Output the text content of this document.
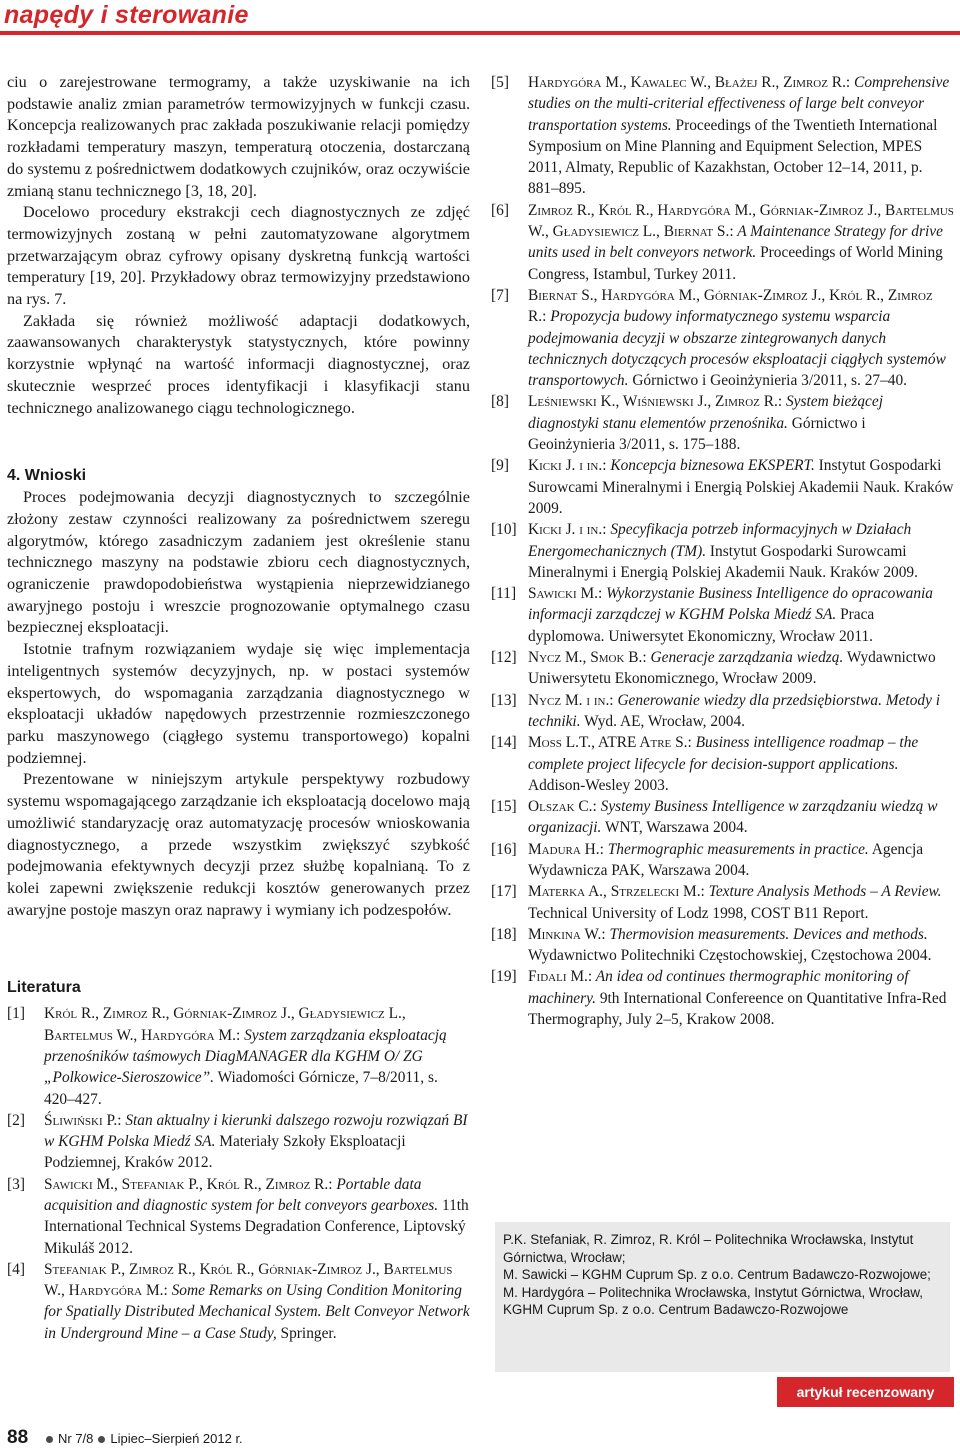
napędy i sterowanie

ciu o zarejestrowane termogramy, a także uzyskiwanie na ich podstawie analiz zmian parametrów termowizyjnych w funkcji czasu. Koncepcja realizowanych prac zakłada poszukiwanie relacji pomiędzy rozkładami temperatury maszyn, temperaturą otoczenia, dostarczaną do systemu z pośrednictwem dodatkowych czujników, oraz oczywiście zmianą stanu technicznego [3, 18, 20].

Docelowo procedury ekstrakcji cech diagnostycznych ze zdjęć termowizyjnych zostaną w pełni zautomatyzowane algorytmem przetwarzającym obraz cyfrowy opisany dyskretną funkcją wartości temperatury [19, 20]. Przykładowy obraz termowizyjny przedstawiono na rys. 7.

Zakłada się również możliwość adaptacji dodatkowych, zaawansowanych charakterystyk statystycznych, które powinny korzystnie wpłynąć na wartość informacji diagnostycznej, oraz skutecznie wesprzeć proces identyfikacji i klasyfikacji stanu technicznego analizowanego ciągu technologicznego.

4. Wnioski

Proces podejmowania decyzji diagnostycznych to szczególnie złożony zestaw czynności realizowany za pośrednictwem szeregu algorytmów, którego zasadniczym zadaniem jest określenie stanu technicznego maszyny na podstawie zbioru cech diagnostycznych, ograniczenie prawdopodobieństwa wystąpienia nieprzewidzianego awaryjnego postoju i wreszcie prognozowanie optymalnego czasu bezpiecznej eksploatacji.

Istotnie trafnym rozwiązaniem wydaje się więc implementacja inteligentnych systemów decyzyjnych, np. w postaci systemów ekspertowych, do wspomagania zarządzania diagnostycznego w eksploatacji układów napędowych przestrzennie rozmieszczonego parku maszynowego (ciągłego systemu transportowego) kopalni podziemnej.

Prezentowane w niniejszym artykule perspektywy rozbudowy systemu wspomagającego zarządzanie ich eksploatacją docelowo mają umożliwić standaryzację oraz automatyzację procesów wnioskowania diagnostycznego, a przede wszystkim zwiększyć szybkość podejmowania efektywnych decyzji przez służbę kopalnianą. To z kolei zapewni zwiększenie redukcji kosztów generowanych przez awaryjne postoje maszyn oraz naprawy i wymiany ich podzespołów.

Literatura

[1]	Król R., Zimroz R., Górniak-Zimroz J., Gładysiewicz L., Bartelmus W., Hardygóra M.: System zarządzania eksploatacją przenośników taśmowych DiagMANAGER dla KGHM O/ ZG „Polkowice-Sieroszowice”. Wiadomości Górnicze, 7–8/2011, s. 420–427.

[2]	Śliwiński P.: Stan aktualny i kierunki dalszego rozwoju rozwiązań BI w KGHM Polska Miedź SA. Materiały Szkoły Eksploatacji Podziemnej, Kraków 2012.

[3]	Sawicki M., Stefaniak P., Król R., Zimroz R.: Portable data acquisition and diagnostic system for belt conveyors gearboxes. 11th International Technical Systems Degradation Conference, Liptovský Mikuláš 2012.

[4]	Stefaniak P., Zimroz R., Król R., Górniak-Zimroz J., Bartelmus W., Hardygóra M.: Some Remarks on Using Condition Monitoring for Spatially Distributed Mechanical System. Belt Conveyor Network in Underground Mine – a Case Study, Springer.

[5]	Hardygóra M., Kawalec W., Błażej R., Zimroz R.: Comprehensive studies on the multi-criterial effectiveness of large belt conveyor transportation systems. Proceedings of the Twentieth International Symposium on Mine Planning and Equipment Selection, MPES 2011, Almaty, Republic of Kazakhstan, October 12–14, 2011, p. 881–895.

[6]	Zimroz R., Król R., Hardygóra M., Górniak-Zimroz J., Bartelmus W., Gładysiewicz L., Biernat S.: A Maintenance Strategy for drive units used in belt conveyors network. Proceedings of World Mining Congress, Istambul, Turkey 2011.

[7]	Biernat S., Hardygóra M., Górniak-Zimroz J., Król R., Zimroz R.: Propozycja budowy informatycznego systemu wsparcia podejmowania decyzji w obszarze zintegrowanych danych technicznych dotyczących procesów eksploatacji ciągłych systemów transportowych. Górnictwo i Geoinżynieria 3/2011, s. 27–40.

[8]	Leśniewski K., Wiśniewski J., Zimroz R.: System bieżącej diagnostyki stanu elementów przenośnika. Górnictwo i Geoinżynieria 3/2011, s. 175–188.

[9]	Kicki J. i in.: Koncepcja biznesowa EKSPERT. Instytut Gospodarki Surowcami Mineralnymi i Energią Polskiej Akademii Nauk. Kraków 2009.

[10] Kicki J. i in.: Specyfikacja potrzeb informacyjnych w Działach Energomechanicznych (TM). Instytut Gospodarki Surowcami Mineralnymi i Energią Polskiej Akademii Nauk. Kraków 2009.

[11] Sawicki M.: Wykorzystanie Business Intelligence do opracowania informacji zarządczej w KGHM Polska Miedź SA. Praca dyplomowa. Uniwersytet Ekonomiczny, Wrocław 2011.

[12] Nycz M., Smok B.: Generacje zarządzania wiedzą. Wydawnictwo Uniwersytetu Ekonomicznego, Wrocław 2009.

[13] Nycz M. i in.: Generowanie wiedzy dla przedsiębiorstwa. Metody i techniki. Wyd. AE, Wrocław, 2004.

[14] Moss L.T., ATRE Atre S.: Business intelligence roadmap – the complete project lifecycle for decision-support applications. Addison-Wesley 2003.

[15] Olszak C.: Systemy Business Intelligence w zarządzaniu wiedzą w organizacji. WNT, Warszawa 2004.

[16] Madura H.: Thermographic measurements in practice. Agencja Wydawnicza PAK, Warszawa 2004.

[17] Materka A., Strzelecki M.: Texture Analysis Methods – A Review. Technical University of Lodz 1998, COST B11 Report.

[18] Minkina W.: Thermovision measurements. Devices and methods. Wydawnictwo Politechniki Częstochowskiej, Częstochowa 2004.

[19] Fidali M.: An idea od continues thermographic monitoring of machinery. 9th International Confereence on Quantitative Infra-Red Thermography, July 2–5, Krakow 2008.

P.K. Stefaniak, R. Zimroz, R. Król – Politechnika Wrocławska, Instytut Górnictwa, Wrocław;
M. Sawicki – KGHM Cuprum Sp. z o.o. Centrum Badawczo-Rozwojowe;
M. Hardygóra – Politechnika Wrocławska, Instytut Górnictwa, Wrocław, KGHM Cuprum Sp. z o.o. Centrum Badawczo-Rozwojowe
artykuł recenzowany
88	Nr 7/8 Lipiec–Sierpień 2012 r.
